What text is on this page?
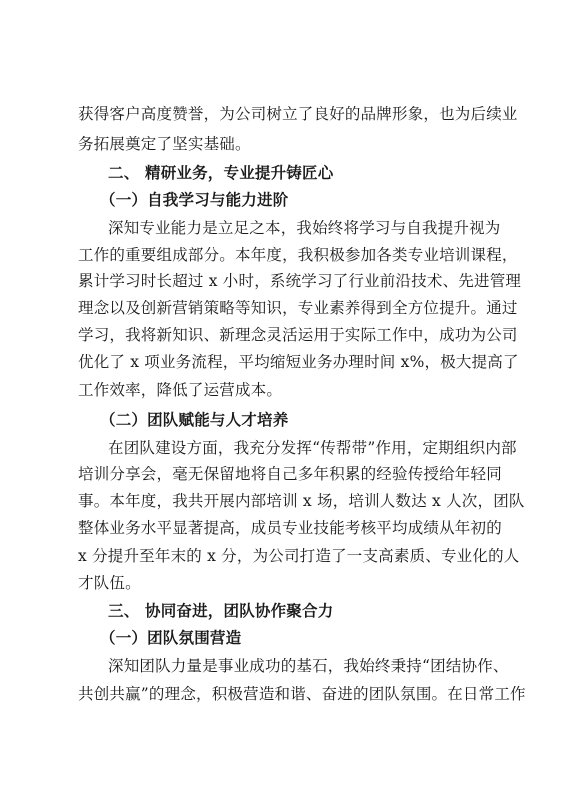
获得客户高度赞誉，为公司树立了良好的品牌形象，也为后续业
务拓展奠定了坚实基础。
二、 精研业务，专业提升铸匠心
（一）自我学习与能力进阶
深知专业能力是立足之本，我始终将学习与自我提升视为
工作的重要组成部分。本年度，我积极参加各类专业培训课程，
累计学习时长超过 x 小时，系统学习了行业前沿技术、先进管理
理念以及创新营销策略等知识，专业素养得到全方位提升。通过
学习，我将新知识、新理念灵活运用于实际工作中，成功为公司
优化了 x 项业务流程，平均缩短业务办理时间 x%，极大提高了
工作效率，降低了运营成本。
（二）团队赋能与人才培养
在团队建设方面，我充分发挥“传帮带”作用，定期组织内部
培训分享会，毫无保留地将自己多年积累的经验传授给年轻同
事。本年度，我共开展内部培训 x 场，培训人数达 x 人次，团队
整体业务水平显著提高，成员专业技能考核平均成绩从年初的
x 分提升至年末的 x 分，为公司打造了一支高素质、专业化的人
才队伍。
三、 协同奋进，团队协作聚合力
（一）团队氛围营造
深知团队力量是事业成功的基石，我始终秉持“团结协作、
共创共赢”的理念，积极营造和谐、奋进的团队氛围。在日常工作
